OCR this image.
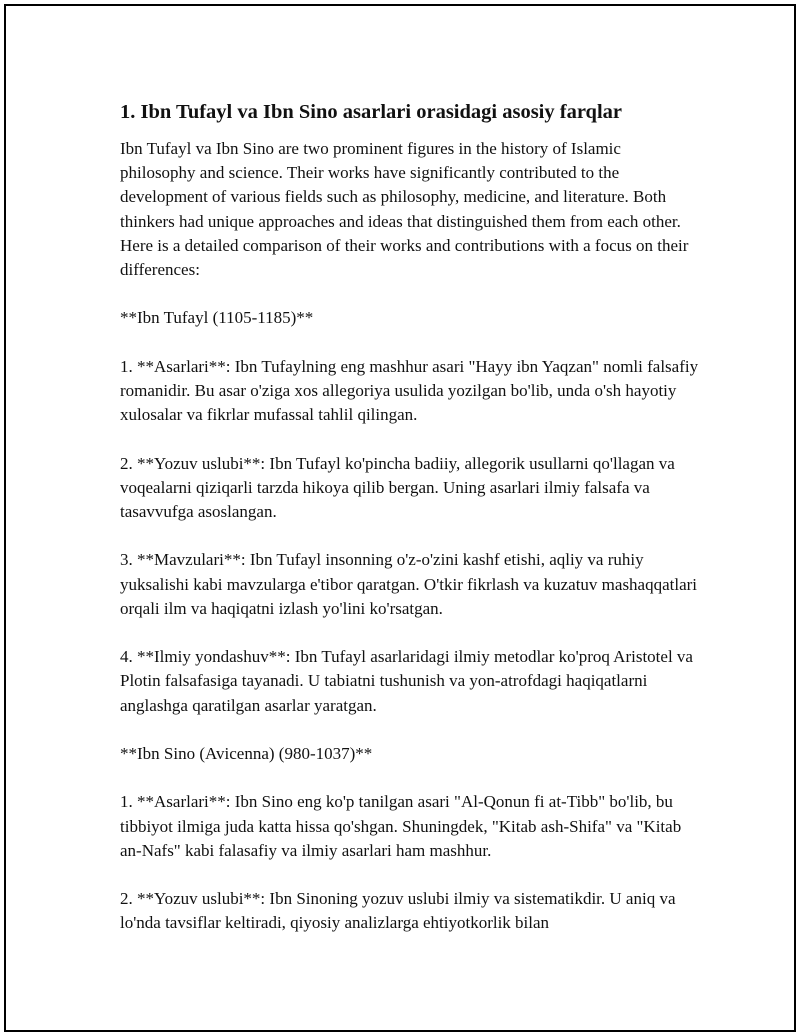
1. Ibn Tufayl va Ibn Sino asarlari orasidagi asosiy farqlar

Ibn Tufayl va Ibn Sino are two prominent figures in the history of Islamic philosophy and science. Their works have significantly contributed to the development of various fields such as philosophy, medicine, and literature. Both thinkers had unique approaches and ideas that distinguished them from each other. Here is a detailed comparison of their works and contributions with a focus on their differences:

**Ibn Tufayl (1105-1185)**

1. **Asarlari**: Ibn Tufaylning eng mashhur asari "Hayy ibn Yaqzan" nomli falsafiy romanidir. Bu asar o'ziga xos allegoriya usulida yozilgan bo'lib, unda o'sh hayotiy xulosalar va fikrlar mufassal tahlil qilingan.

2. **Yozuv uslubi**: Ibn Tufayl ko'pincha badiiy, allegorik usullarni qo'llagan va voqealarni qiziqarli tarzda hikoya qilib bergan. Uning asarlari ilmiy falsafa va tasavvufga asoslangan.

3. **Mavzulari**: Ibn Tufayl insonning o'z-o'zini kashf etishi, aqliy va ruhiy yuksalishi kabi mavzularga e'tibor qaratgan. O'tkir fikrlash va kuzatuv mashaqqatlari orqali ilm va haqiqatni izlash yo'lini ko'rsatgan.

4. **Ilmiy yondashuv**: Ibn Tufayl asarlaridagi ilmiy metodlar ko'proq Aristotel va Plotin falsafasiga tayanadi. U tabiatni tushunish va yon-atrofdagi haqiqatlarni anglashga qaratilgan asarlar yaratgan.

**Ibn Sino (Avicenna) (980-1037)**

1. **Asarlari**: Ibn Sino eng ko'p tanilgan asari "Al-Qonun fi at-Tibb" bo'lib, bu tibbiyot ilmiga juda katta hissa qo'shgan. Shuningdek, "Kitab ash-Shifa" va "Kitab an-Nafs" kabi falasafiy va ilmiy asarlari ham mashhur.

2. **Yozuv uslubi**: Ibn Sinoning yozuv uslubi ilmiy va sistematikdir. U aniq va lo'nda tavsiflar keltiradi, qiyosiy analizlarga ehtiyotkorlik bilan
